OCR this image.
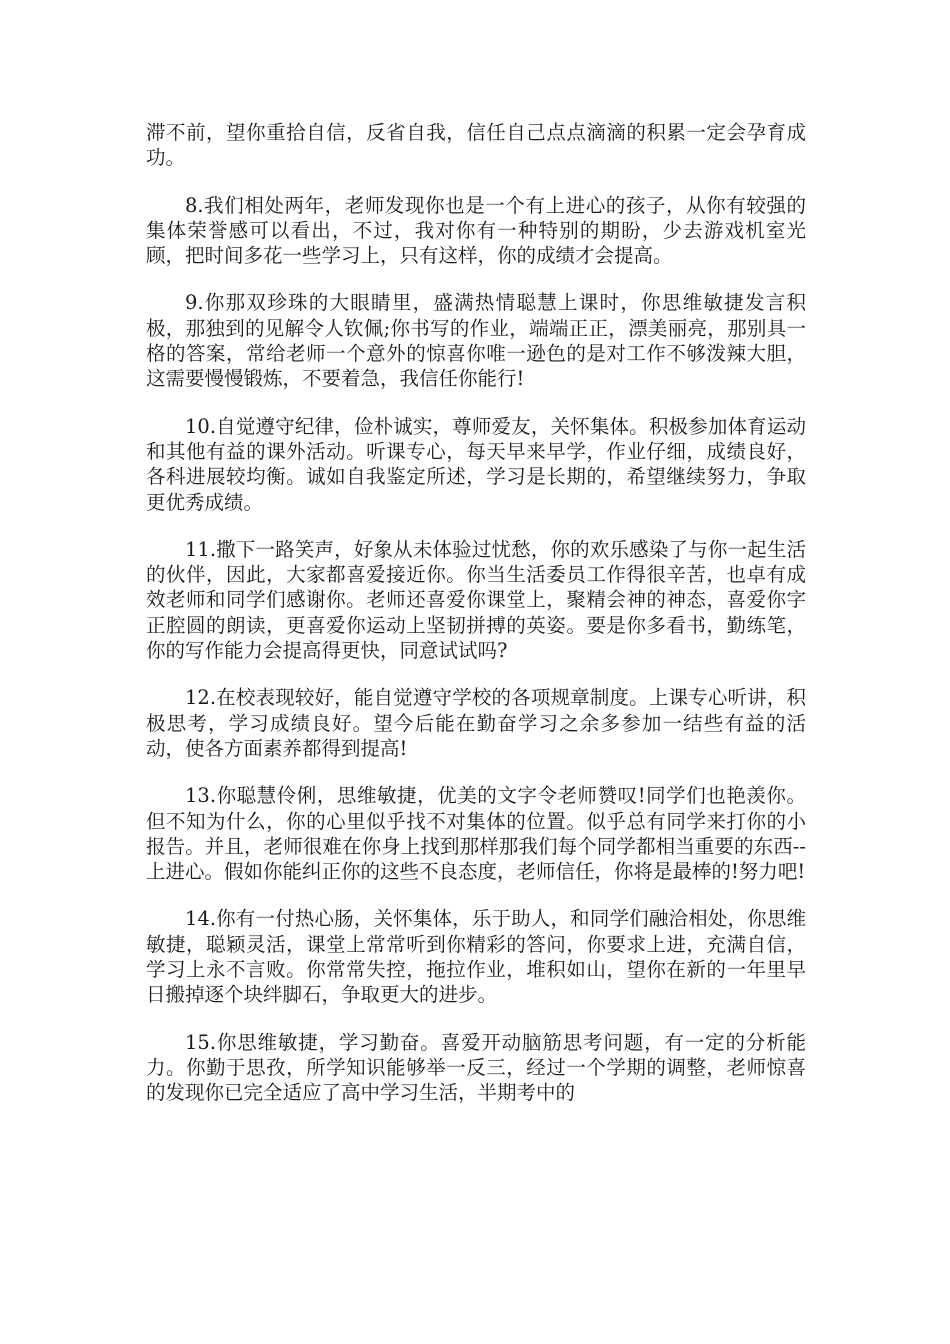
滞不前，望你重拾自信，反省自我，信任自己点点滴滴的积累一定会孕育成功。

8.我们相处两年，老师发现你也是一个有上进心的孩子，从你有较强的集体荣誉感可以看出，不过，我对你有一种特别的期盼，少去游戏机室光顾，把时间多花一些学习上，只有这样，你的成绩才会提高。

9.你那双珍珠的大眼睛里，盛满热情聪慧上课时，你思维敏捷发言积极，那独到的见解令人钦佩;你书写的作业，端端正正，漂美丽亮，那别具一格的答案，常给老师一个意外的惊喜你唯一逊色的是对工作不够泼辣大胆，这需要慢慢锻炼，不要着急，我信任你能行!

10.自觉遵守纪律，俭朴诚实，尊师爱友，关怀集体。积极参加体育运动和其他有益的课外活动。听课专心，每天早来早学，作业仔细，成绩良好，各科进展较均衡。诚如自我鉴定所述，学习是长期的，希望继续努力，争取更优秀成绩。

11.撒下一路笑声，好象从未体验过忧愁，你的欢乐感染了与你一起生活的伙伴，因此，大家都喜爱接近你。你当生活委员工作得很辛苦，也卓有成效老师和同学们感谢你。老师还喜爱你课堂上，聚精会神的神态，喜爱你字正腔圆的朗读，更喜爱你运动上坚韧拼搏的英姿。要是你多看书，勤练笔，你的写作能力会提高得更快，同意试试吗?

12.在校表现较好，能自觉遵守学校的各项规章制度。上课专心听讲，积极思考，学习成绩良好。望今后能在勤奋学习之余多参加一结些有益的活动，使各方面素养都得到提高!

13.你聪慧伶俐，思维敏捷，优美的文字令老师赞叹!同学们也艳羡你。但不知为什么，你的心里似乎找不对集体的位置。似乎总有同学来打你的小报告。并且，老师很难在你身上找到那样那我们每个同学都相当重要的东西--上进心。假如你能纠正你的这些不良态度，老师信任，你将是最棒的!努力吧!

14.你有一付热心肠，关怀集体，乐于助人，和同学们融洽相处，你思维敏捷，聪颖灵活，课堂上常常听到你精彩的答问，你要求上进，充满自信，学习上永不言败。你常常失控，拖拉作业，堆积如山，望你在新的一年里早日搬掉逐个块绊脚石，争取更大的进步。

15.你思维敏捷，学习勤奋。喜爱开动脑筋思考问题，有一定的分析能力。你勤于思孜，所学知识能够举一反三，经过一个学期的调整，老师惊喜的发现你已完全适应了高中学习生活，半期考中的
